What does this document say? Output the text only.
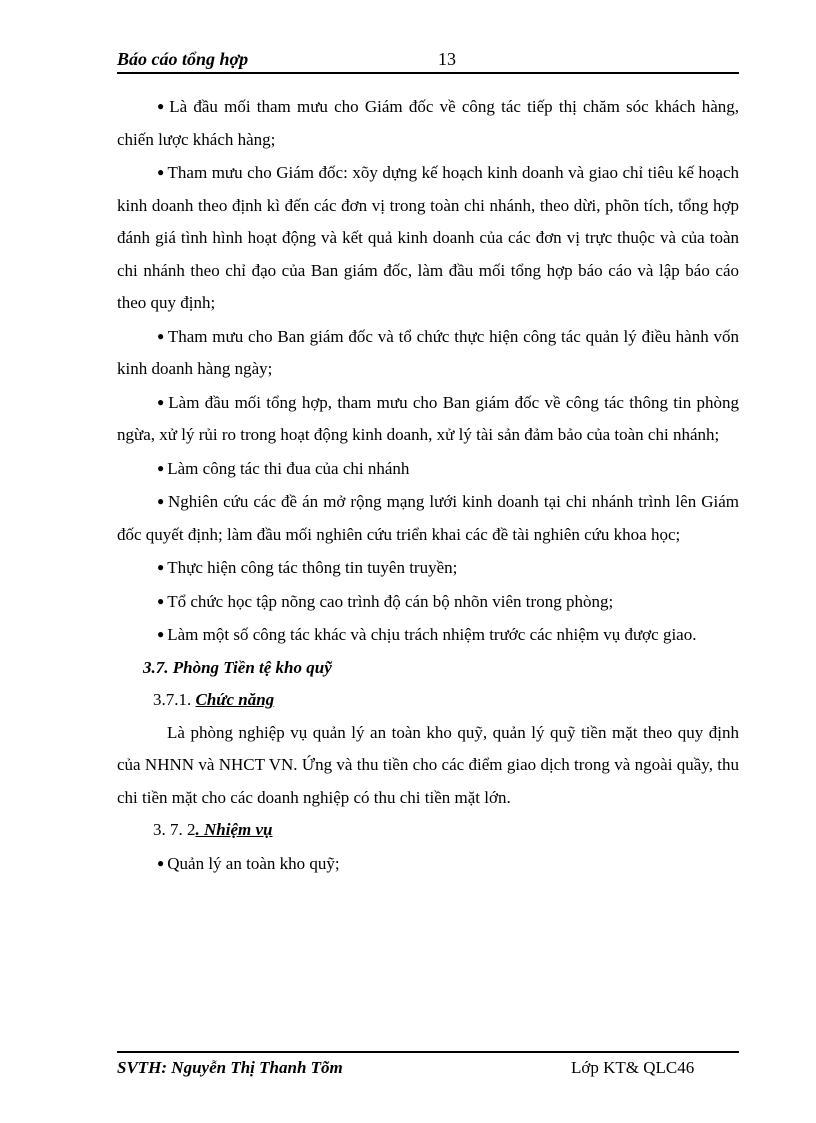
Báo cáo tổng hợp	13

● Là đầu mối tham mưu cho Giám đốc về công tác tiếp thị chăm sóc khách hàng, chiến lược khách hàng;

● Tham mưu cho Giám đốc: xõy dựng kế hoạch kinh doanh và giao chỉ tiêu kế hoạch kinh doanh theo định kì đến các đơn vị trong toàn chi nhánh, theo dừi, phõn tích, tổng hợp đánh giá tình hình hoạt động và kết quả kinh doanh của các đơn vị trực thuộc và của toàn chi nhánh theo chỉ đạo của Ban giám đốc, làm đầu mối tổng hợp báo cáo và lập báo cáo theo quy định;

● Tham mưu cho Ban giám đốc và tổ chức thực hiện công tác quản lý điều hành vốn kinh doanh hàng ngày;

● Làm đầu mối tổng hợp, tham mưu cho Ban giám đốc về công tác thông tin phòng ngừa, xử lý rủi ro trong hoạt động kinh doanh, xử lý tài sản đảm bảo của toàn chi nhánh;

● Làm công tác thi đua của chi nhánh

● Nghiên cứu các đề án mở rộng mạng lưới kinh doanh tại chi nhánh trình lên Giám đốc quyết định; làm đầu mối nghiên cứu triển khai các đề tài nghiên cứu khoa học;

● Thực hiện công tác thông tin tuyên truyền;

● Tổ chức học tập nõng cao trình độ cán bộ nhõn viên trong phòng;

● Làm một số công tác khác và chịu trách nhiệm trước các nhiệm vụ được giao.

3.7. Phòng Tiền tệ kho quỹ

3.7.1. Chức năng

Là phòng nghiệp vụ quản lý an toàn kho quỹ, quản lý quỹ tiền mặt theo quy định của NHNN và NHCT VN. Ứng và thu tiền cho các điểm giao dịch trong và ngoài quầy, thu chi tiền mặt cho các doanh nghiệp có thu chi tiền mặt lớn.

3. 7. 2. Nhiệm vụ

● Quản lý an toàn kho quỹ;

SVTH: Nguyễn Thị Thanh Tõm	Lớp KT& QLC46
